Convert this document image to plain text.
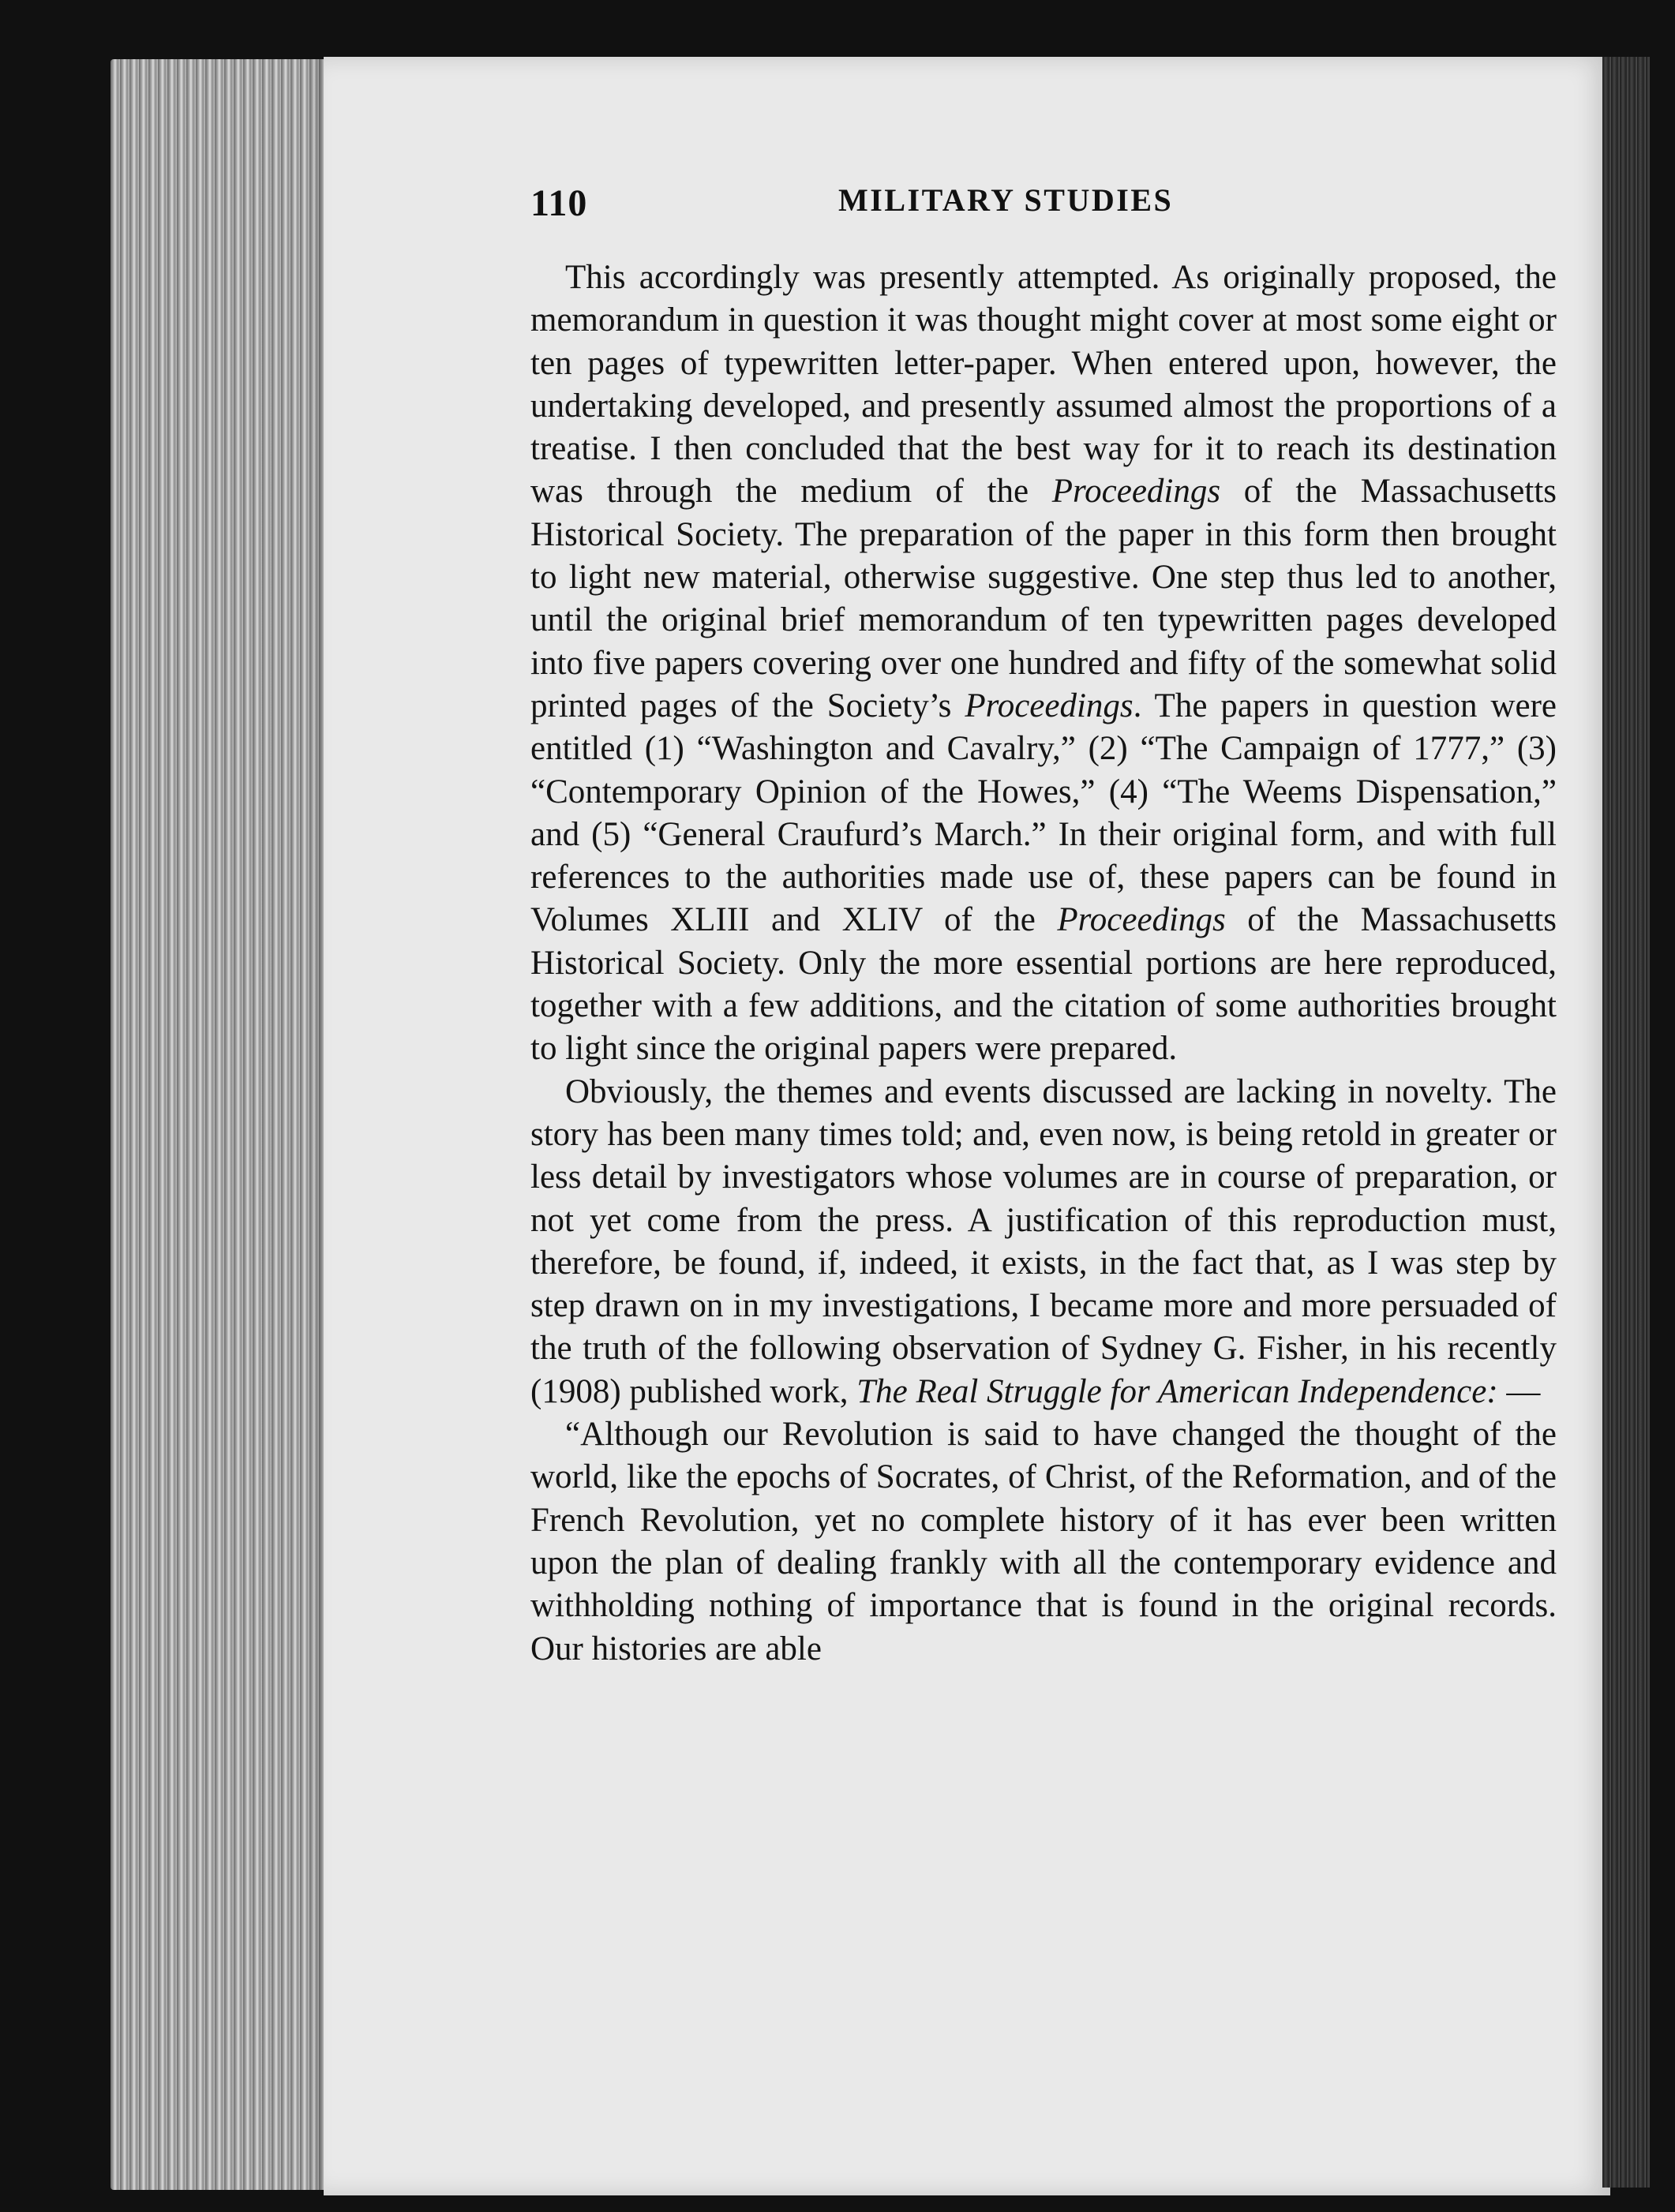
110	MILITARY STUDIES

This accordingly was presently attempted. As originally proposed, the memorandum in question it was thought might cover at most some eight or ten pages of typewritten letter-paper. When entered upon, however, the undertaking developed, and presently assumed almost the proportions of a treatise. I then concluded that the best way for it to reach its destination was through the medium of the Proceedings of the Massachusetts Historical Society. The preparation of the paper in this form then brought to light new material, otherwise suggestive. One step thus led to another, until the original brief memorandum of ten typewritten pages developed into five papers covering over one hundred and fifty of the somewhat solid printed pages of the Society’s Proceedings. The papers in question were entitled (1) “Washington and Cavalry,” (2) “The Campaign of 1777,” (3) “Contemporary Opinion of the Howes,” (4) “The Weems Dispensation,” and (5) “General Craufurd’s March.” In their original form, and with full references to the authorities made use of, these papers can be found in Volumes XLIII and XLIV of the Proceedings of the Massachusetts Historical Society. Only the more essential portions are here reproduced, together with a few additions, and the citation of some authorities brought to light since the original papers were prepared.

Obviously, the themes and events discussed are lacking in novelty. The story has been many times told; and, even now, is being retold in greater or less detail by investigators whose volumes are in course of preparation, or not yet come from the press. A justification of this reproduction must, therefore, be found, if, indeed, it exists, in the fact that, as I was step by step drawn on in my investigations, I became more and more persuaded of the truth of the following observation of Sydney G. Fisher, in his recently (1908) published work, The Real Struggle for American Independence: —

“Although our Revolution is said to have changed the thought of the world, like the epochs of Socrates, of Christ, of the Reformation, and of the French Revolution, yet no complete history of it has ever been written upon the plan of dealing frankly with all the contemporary evidence and withholding nothing of importance that is found in the original records. Our histories are able
